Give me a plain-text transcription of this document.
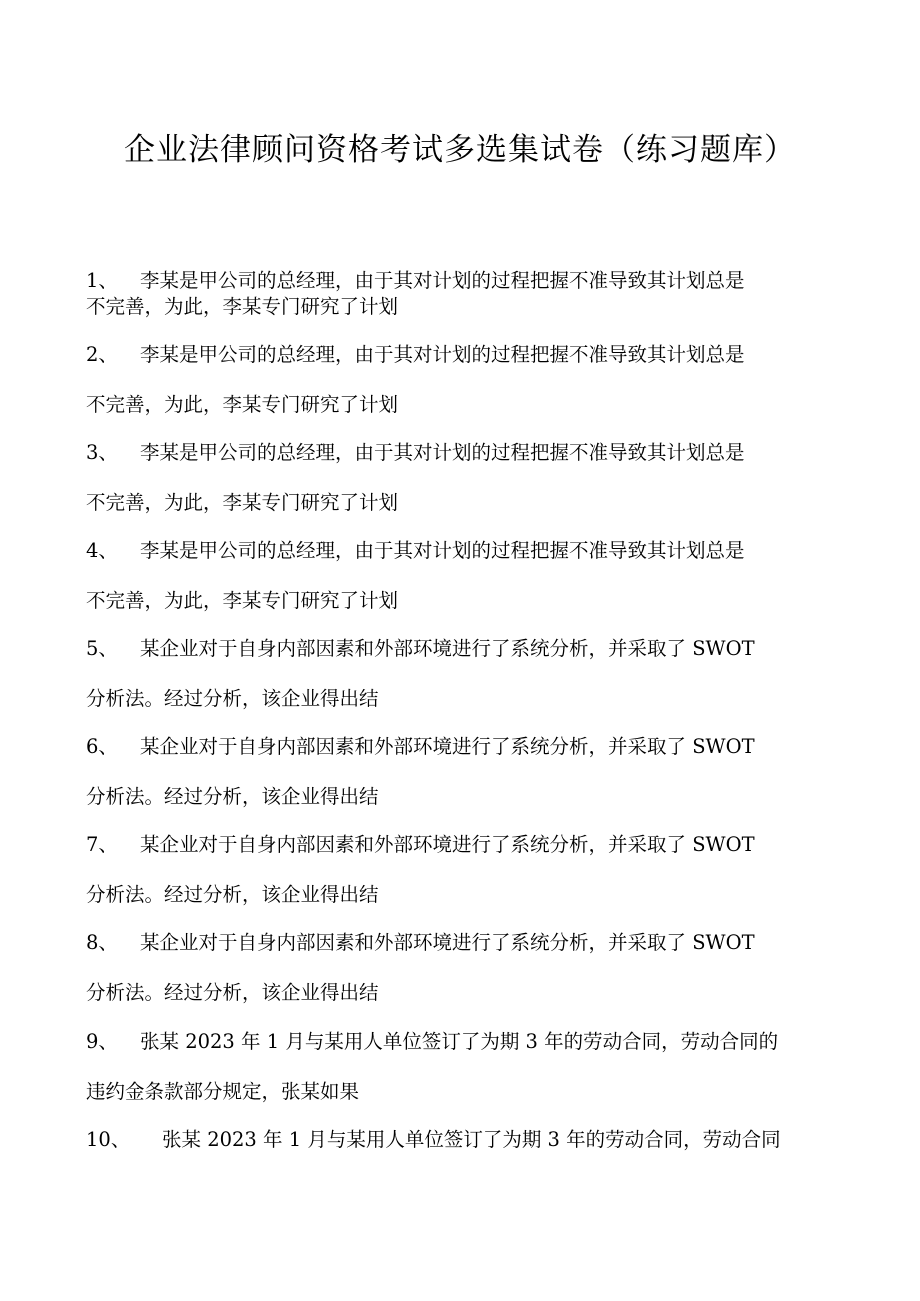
企业法律顾问资格考试多选集试卷（练习题库）
1、 李某是甲公司的总经理，由于其对计划的过程把握不准导致其计划总是
不完善，为此，李某专门研究了计划
2、 李某是甲公司的总经理，由于其对计划的过程把握不准导致其计划总是
不完善，为此，李某专门研究了计划
3、 李某是甲公司的总经理，由于其对计划的过程把握不准导致其计划总是
不完善，为此，李某专门研究了计划
4、 李某是甲公司的总经理，由于其对计划的过程把握不准导致其计划总是
不完善，为此，李某专门研究了计划
5、 某企业对于自身内部因素和外部环境进行了系统分析，并采取了 SWOT
分析法。经过分析，该企业得出结
6、 某企业对于自身内部因素和外部环境进行了系统分析，并采取了 SWOT
分析法。经过分析，该企业得出结
7、 某企业对于自身内部因素和外部环境进行了系统分析，并采取了 SWOT
分析法。经过分析，该企业得出结
8、 某企业对于自身内部因素和外部环境进行了系统分析，并采取了 SWOT
分析法。经过分析，该企业得出结
9、 张某 2023 年 1 月与某用人单位签订了为期 3 年的劳动合同，劳动合同的
违约金条款部分规定，张某如果
10、 张某 2023 年 1 月与某用人单位签订了为期 3 年的劳动合同，劳动合同
